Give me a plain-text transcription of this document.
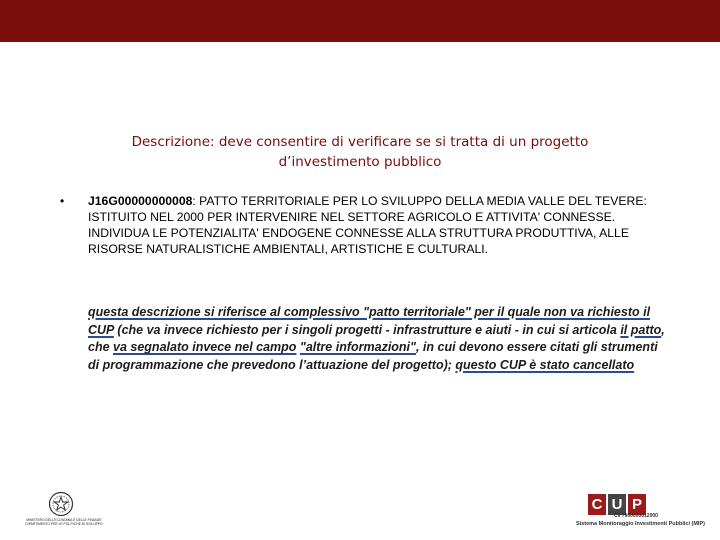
Descrizione: deve consentire di verificare se si tratta di un progetto
d’investimento pubblico
• J16G00000000008: PATTO TERRITORIALE PER LO SVILUPPO DELLA MEDIA VALLE DEL TEVERE: ISTITUITO NEL 2000 PER INTERVENIRE NEL SETTORE AGRICOLO E ATTIVITA' CONNESSE. INDIVIDUA LE POTENZIALITA' ENDOGENE CONNESSE ALLA STRUTTURA PRODUTTIVA, ALLE RISORSE NATURALISTICHE AMBIENTALI, ARTISTICHE E CULTURALI.
questa descrizione si riferisce al complessivo "patto territoriale" per il quale non va richiesto il CUP (che va invece richiesto per i singoli progetti - infrastrutture e aiuti - in cui si articola il patto, che va segnalato invece nel campo "altre informazioni", in cui devono essere citati gli strumenti di programmazione che prevedono l’attuazione del progetto); questo CUP è stato cancellato
MINISTERO DELL'ECONOMIA E DELLE FINANZE
DIPARTIMENTO PER LE POLITICHE DI SVILUPPO
C U P
Cil 7900000012000
Sistema Monitoraggio Investimenti Pubblici (MIP)
